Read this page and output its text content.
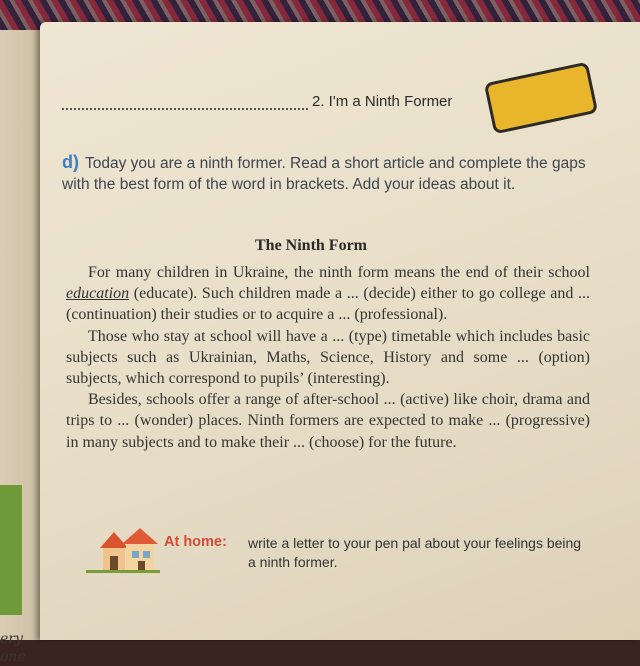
ery
one
2. I'm a Ninth Former
d) Today you are a ninth former. Read a short article and complete the gaps with the best form of the word in brackets. Add your ideas about it.
The Ninth Form

For many children in Ukraine, the ninth form means the end of their school education (educate). Such children made a ... (decide) either to go college and ... (continuation) their studies or to acquire a ... (professional).

Those who stay at school will have a ... (type) timetable which includes basic subjects such as Ukrainian, Maths, Science, History and some ... (option) subjects, which correspond to pupils’ (interesting).

Besides, schools offer a range of after-school ... (active) like choir, drama and trips to ... (wonder) places. Ninth formers are expected to make ... (progressive) in many subjects and to make their ... (choose) for the future.

At home: write a letter to your pen pal about your feelings being a ninth former.
